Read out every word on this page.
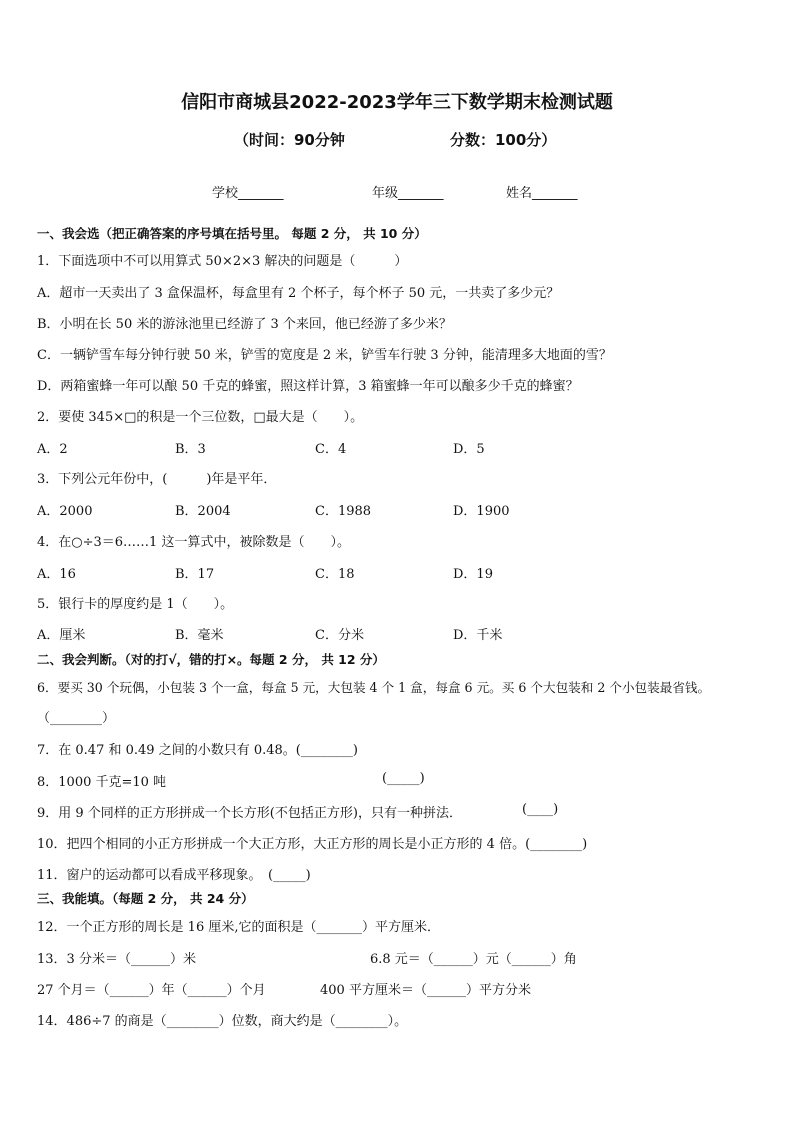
信阳市商城县2022-2023学年三下数学期末检测试题
（时间：90分钟	分数：100分）
学校_______	年级_______	姓名_______
一、我会选（把正确答案的序号填在括号里。 每题 2 分， 共 10 分）
1．下面选项中不可以用算式 50×2×3 解决的问题是（　　　）
A．超市一天卖出了 3 盒保温杯，每盒里有 2 个杯子，每个杯子 50 元，一共卖了多少元？
B．小明在长 50 米的游泳池里已经游了 3 个来回，他已经游了多少米？
C．一辆铲雪车每分钟行驶 50 米，铲雪的宽度是 2 米，铲雪车行驶 3 分钟，能清理多大地面的雪？
D．两箱蜜蜂一年可以酿 50 千克的蜂蜜，照这样计算，3 箱蜜蜂一年可以酿多少千克的蜂蜜？
2．要使 345×□的积是一个三位数，□最大是（　　）。
A．2	B．3	C．4	D．5
3．下列公元年份中，(　　　)年是平年．
A．2000	B．2004	C．1988	D．1900
4．在○÷3＝6……1 这一算式中，被除数是（　　）。
A．16	B．17	C．18	D．19
5．银行卡的厚度约是 1（　　）。
A．厘米	B．毫米	C．分米	D．千米
二、我会判断。（对的打√，错的打×。每题 2 分， 共 12 分）
6．要买 30 个玩偶，小包装 3 个一盒，每盒 5 元，大包装 4 个 1 盒，每盒 6 元。买 6 个大包装和 2 个小包装最省钱。
（________）
7．在 0.47 和 0.49 之间的小数只有 0.48。(________)
8．1000 千克=10 吨	(_____)
9．用 9 个同样的正方形拼成一个长方形(不包括正方形)，只有一种拼法．	(____)
10．把四个相同的小正方形拼成一个大正方形，大正方形的周长是小正方形的 4 倍。(________)
11．窗户的运动都可以看成平移现象。　(_____)
三、我能填。（每题 2 分， 共 24 分）
12．一个正方形的周长是 16 厘米,它的面积是（_______）平方厘米．
13．3 分米＝（______）米	6.8 元＝（______）元（______）角
27 个月＝（______）年（______）个月	400 平方厘米＝（______）平方分米
14．486÷7 的商是（________）位数，商大约是（________）。
